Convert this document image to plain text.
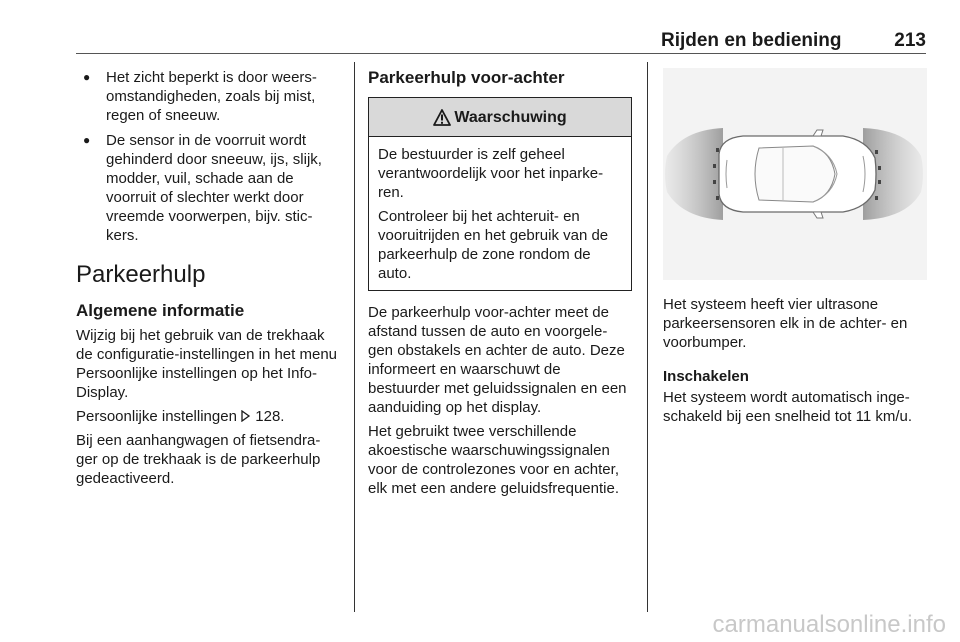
Rijden en bediening	213
● Het zicht beperkt is door weers-omstandigheden, zoals bij mist, regen of sneeuw.
● De sensor in de voorruit wordt gehinderd door sneeuw, ijs, slijk, modder, vuil, schade aan de voorruit of slechter werkt door vreemde voorwerpen, bijv. stic-kers.
Parkeerhulp
Algemene informatie

Wijzig bij het gebruik van de trekhaak de configuratie-instellingen in het menu Persoonlijke instellingen op het Info-Display.

Persoonlijke instellingen 128.

Bij een aanhangwagen of fietsendra-ger op de trekhaak is de parkeerhulp gedeactiveerd.

Parkeerhulp voor-achter
Waarschuwing

De bestuurder is zelf geheel verantwoordelijk voor het inparke-ren.

Controleer bij het achteruit- en vooruitrijden en het gebruik van de parkeerhulp de zone rondom de auto.

De parkeerhulp voor-achter meet de afstand tussen de auto en voorgele-gen obstakels en achter de auto. Deze informeert en waarschuwt de bestuurder met geluidssignalen en een aanduiding op het display.

Het gebruikt twee verschillende akoestische waarschuwingssignalen voor de controlezones voor en achter, elk met een andere geluidsfrequentie.

Het systeem heeft vier ultrasone parkeersensoren elk in de achter- en voorbumper.

Inschakelen

Het systeem wordt automatisch inge-schakeld bij een snelheid tot 11 km/u.

carmanualsonline.info
